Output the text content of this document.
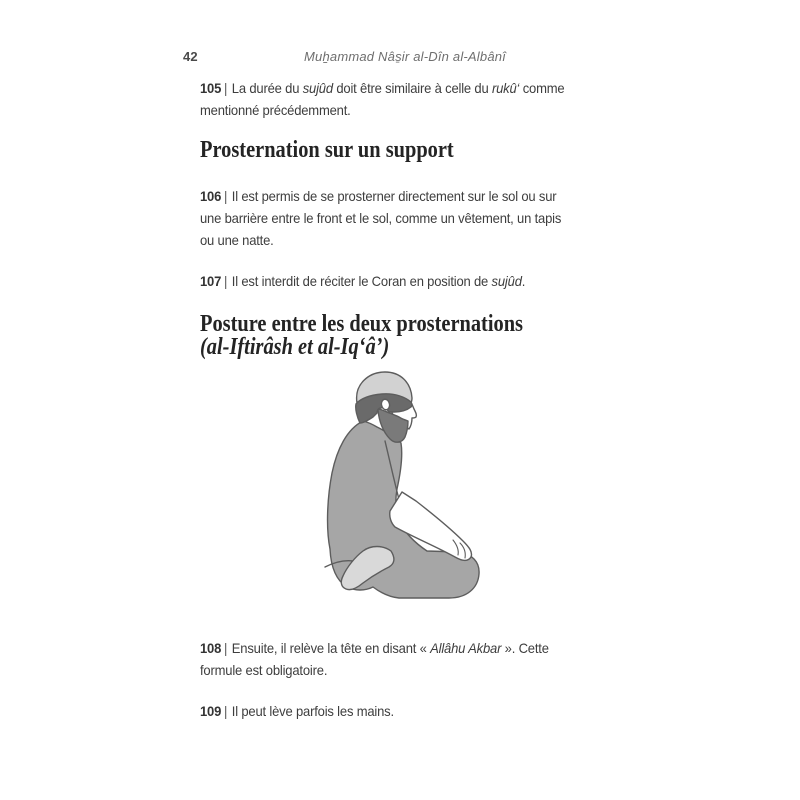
42	Muẖammad Nâs̱ir al-Dîn al-Albânî
105 | La durée du sujûd doit être similaire à celle du rukû‘ comme
mentionné précédemment.
Prosternation sur un support
106 | Il est permis de se prosterner directement sur le sol ou sur
une barrière entre le front et le sol, comme un vêtement, un tapis
ou une natte.
107 | Il est interdit de réciter le Coran en position de sujûd.
Posture entre les deux prosternations
(al-Iftirâsh et al-Iq‘â’)
108 | Ensuite, il relève la tête en disant « Allâhu Akbar ». Cette
formule est obligatoire.
109 | Il peut lève parfois les mains.
